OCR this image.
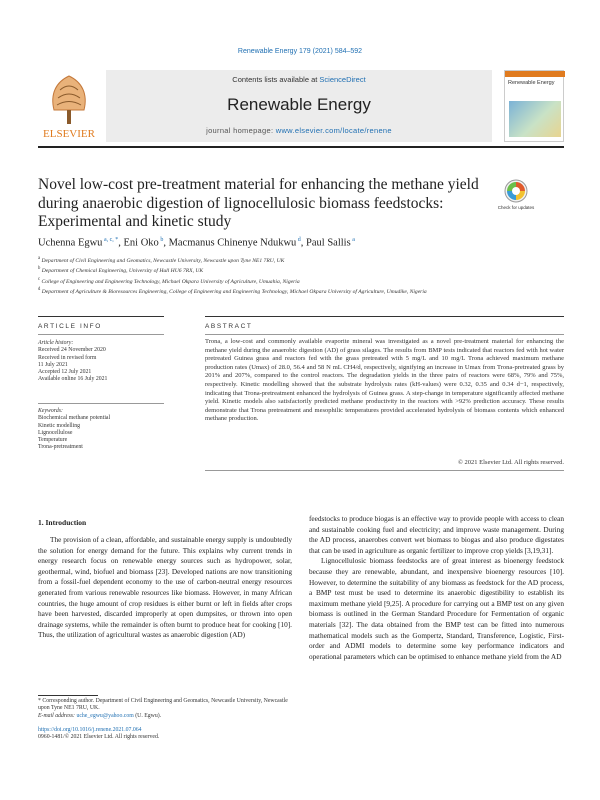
Renewable Energy 179 (2021) 584–592
ELSEVIER
Contents lists available at ScienceDirect
Renewable Energy
journal homepage: www.elsevier.com/locate/renene
Renewable Energy
Novel low-cost pre-treatment material for enhancing the methane yield during anaerobic digestion of lignocellulosic biomass feedstocks: Experimental and kinetic study
Check for updates
Uchenna Egwu $^{a, c, *}$, Eni Oko $^b$, Macmanus Chinenye Ndukwu $^d$, Paul Sallis $^a$
$^a$ Department of Civil Engineering and Geomatics, Newcastle University, Newcastle upon Tyne NE1 7RU, UK
$^b$ Department of Chemical Engineering, University of Hull HU6 7RX, UK
$^c$ College of Engineering and Engineering Technology, Michael Okpara University of Agriculture, Umuahia, Nigeria
$^d$ Department of Agriculture & Bioresources Engineering, College of Engineering and Engineering Technology, Michael Okpara University of Agriculture, Umudike, Nigeria
ARTICLE INFO	ABSTRACT
Article history:
Received 24 November 2020
Received in revised form
11 July 2021
Accepted 12 July 2021
Available online 16 July 2021
Keywords:
Biochemical methane potential
Kinetic modelling
Lignocellulose
Temperature
Trona-pretreatment
Trona, a low-cost and commonly available evaporite mineral was investigated as a novel pre-treatment material for enhancing the methane yield during the anaerobic digestion (AD) of grass silages. The results from BMP tests indicated that reactors fed with hot water pretreated Guinea grass and reactors fed with the grass pretreated with 5 mg/L and 10 mg/L Trona achieved maximum methane production rates (Umax) of 28.0, 56.4 and 58 N mL CH4/d, respectively, signifying an increase in Umax from Trona-pretreated grass by 201% and 207%, compared to the control reactors. The degradation yields in the three pairs of reactors were 68%, 79% and 75%, respectively. Kinetic modelling showed that the substrate hydrolysis rates (kH-values) were 0.32, 0.35 and 0.34 d−1, respectively, indicating that Trona-pretreatment enhanced the hydrolysis of Guinea grass. A step-change in temperature significantly affected methane yield. Kinetic models also satisfactorily predicted methane productivity in the reactors with >92% prediction accuracy. These results demonstrate that Trona pretreatment and mesophilic temperatures provided accelerated hydrolysis of biomass contents which enhanced methane production.
© 2021 Elsevier Ltd. All rights reserved.
1. Introduction

The provision of a clean, affordable, and sustainable energy supply is undoubtedly the solution for energy demand for the future. This explains why current trends in energy research focus on renewable energy sources such as hydropower, solar, geothermal, wind, biofuel and biomass [23]. Developed nations are now transitioning from a fossil-fuel dependent economy to the use of carbon-neutral energy resources generated from various renewable resources like biomass. However, in many African countries, the huge amount of crop residues is either burnt or left in fields after crops have been harvested, discarded improperly at open dumpsites, or thrown into open drainage systems, while the remainder is often burnt to produce heat for cooking [10]. Thus, the utilization of agricultural wastes as anaerobic digestion (AD)

feedstocks to produce biogas is an effective way to provide people with access to clean and sustainable cooking fuel and electricity; and improve waste management. During the AD process, anaerobes convert wet biomass to biogas and also produce digestates that can be used in agriculture as organic fertilizer to improve crop yields [3,19,31].

Lignocellulosic biomass feedstocks are of great interest as bioenergy feedstock because they are renewable, abundant, and inexpensive bioenergy resources [10]. However, to determine the suitability of any biomass as feedstock for the AD process, a BMP test must be used to determine its anaerobic digestibility to establish its maximum methane yield [9,25]. A procedure for carrying out a BMP test on any given biomass is outlined in the German Standard Procedure for Fermentation of organic materials [32]. The data obtained from the BMP test can be fitted into numerous mathematical models such as the Gompertz, Standard, Transference, Logistic, First-order and ADMI models to determine some key performance indicators and operational parameters which can be optimised to enhance methane yield from the AD

* Corresponding author. Department of Civil Engineering and Geomatics, Newcastle University, Newcastle upon Tyne NE1 7RU, UK.
E-mail address: uche_egwu@yahoo.com (U. Egwu).
https://doi.org/10.1016/j.renene.2021.07.064
0960-1481/© 2021 Elsevier Ltd. All rights reserved.
